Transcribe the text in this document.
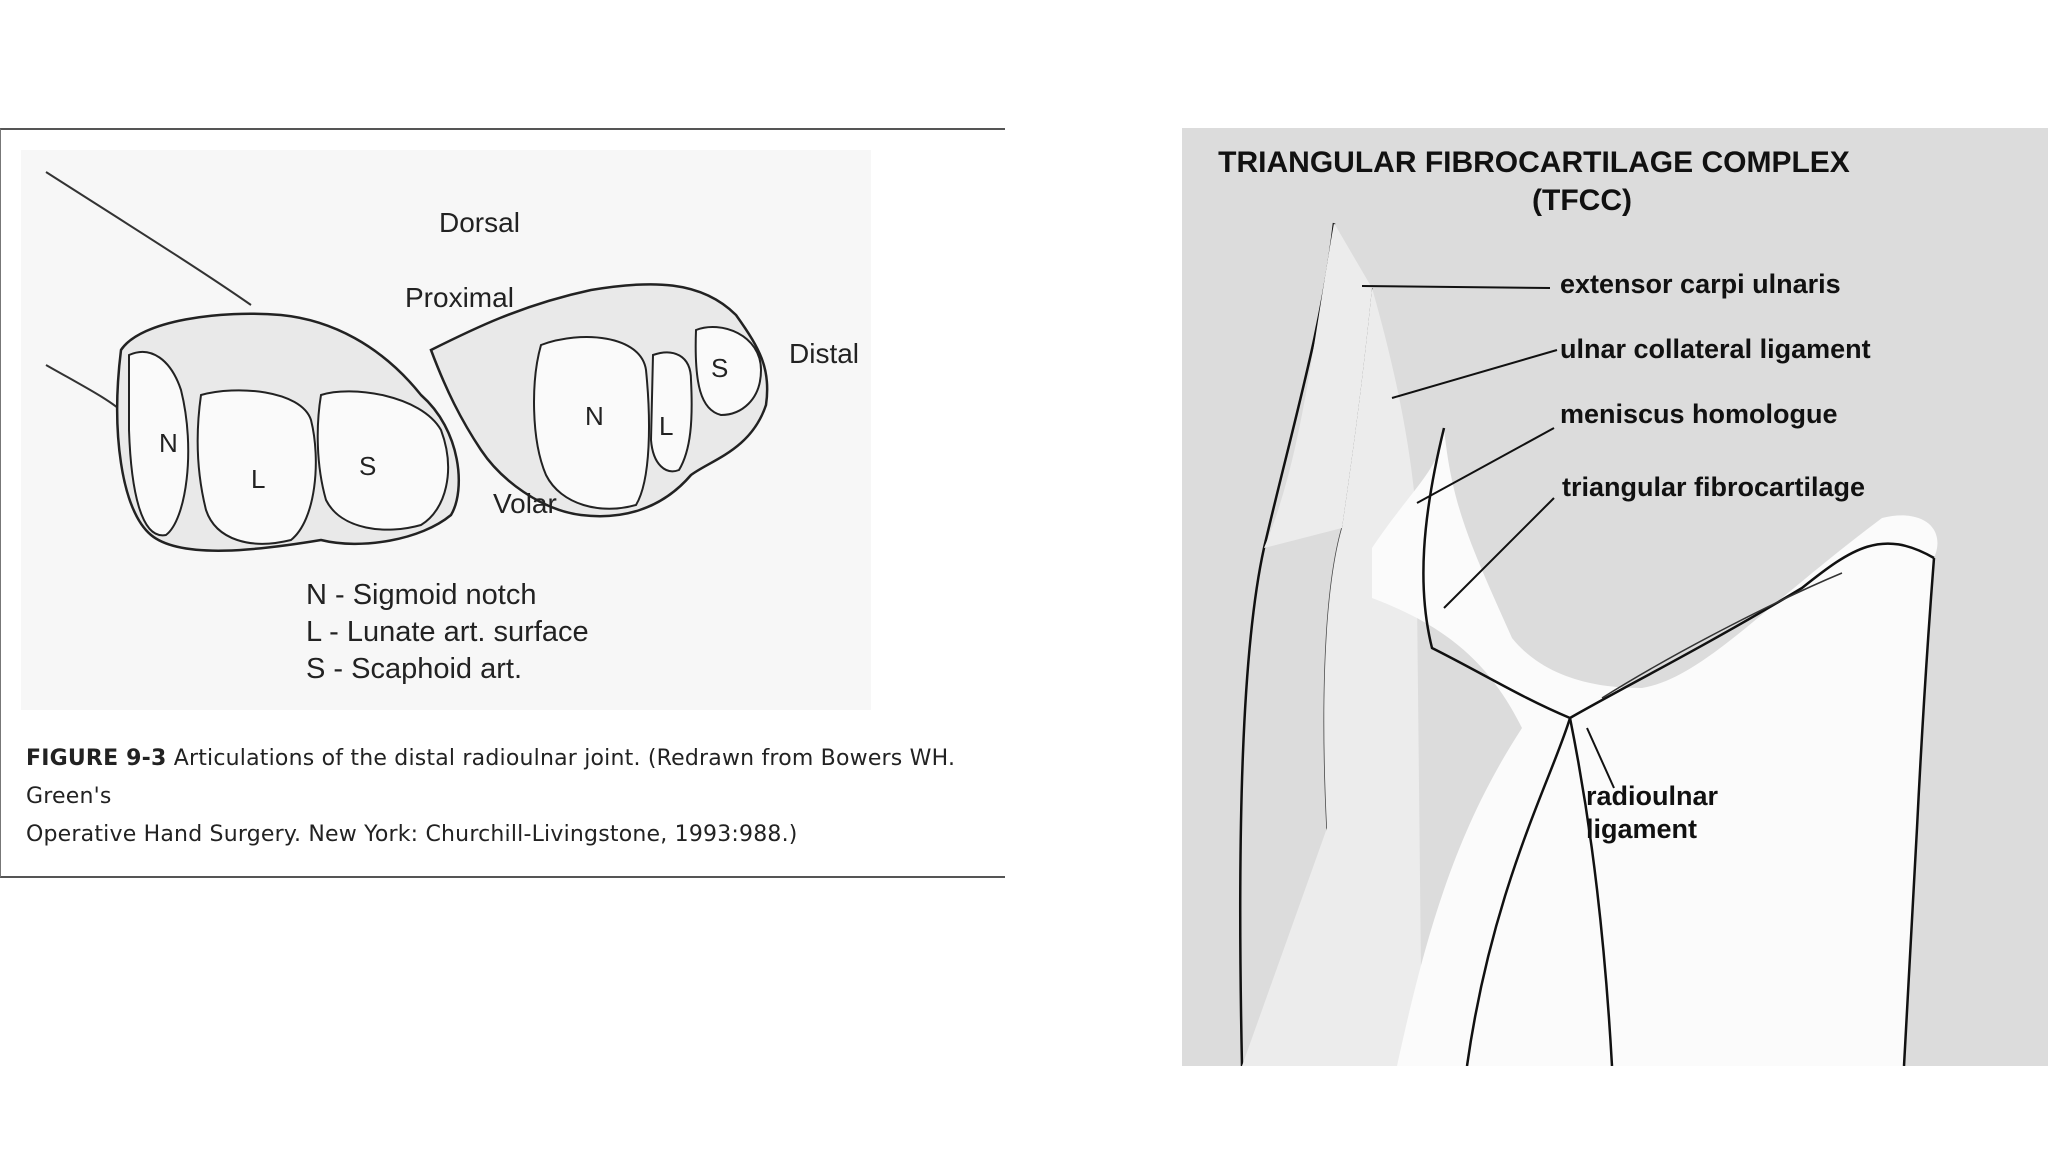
Dorsal
Proximal
Distal
Volar
N
L	S
N L
S
N - Sigmoid notch
L - Lunate art. surface
S - Scaphoid art.
FIGURE 9-3 Articulations of the distal radioulnar joint. (Redrawn from Bowers WH. Green's
Operative Hand Surgery. New York: Churchill-Livingstone, 1993:988.)
TRIANGULAR FIBROCARTILAGE COMPLEX
(TFCC)
extensor carpi ulnaris
ulnar collateral ligament
meniscus homologue
triangular fibrocartilage
radioulnar
ligament
